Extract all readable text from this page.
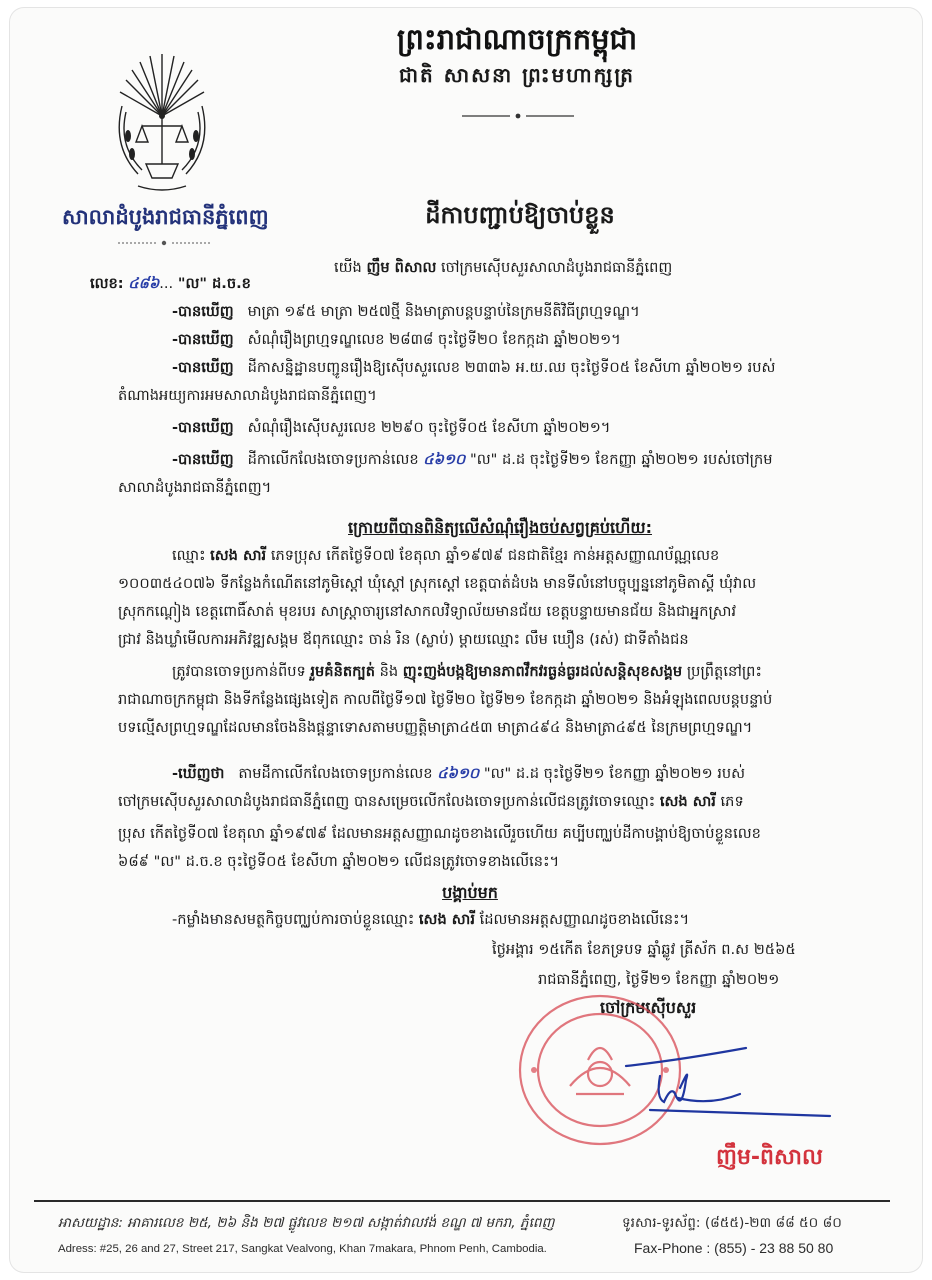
សាលាដំបូងរាជធានីភ្នំពេញ
ព្រះរាជាណាចក្រកម្ពុជា
ជាតិ សាសនា ព្រះមហាក្សត្រ
ដីកាបញ្ជាប់ឱ្យចាប់ខ្លួន
យើង ញឹម ពិសាល ចៅក្រមស៊ើបសួរសាលាដំបូងរាជធានីភ្នំពេញ
លេខ: ៤៨៦... "ល" ដ.ច.ខ
-បានឃើញ មាត្រា ១៩៥ មាត្រា ២៥៧ថ្មី និងមាត្រាបន្តបន្ទាប់នៃក្រមនីតិវិធីព្រហ្មទណ្ឌ។
-បានឃើញ សំណុំរឿងព្រហ្មទណ្ឌលេខ ២៨៣៨ ចុះថ្ងៃទី២០ ខែកក្កដា ឆ្នាំ២០២១។
-បានឃើញ ដីកាសន្និដ្ឋានបញ្ជូនរឿងឱ្យស៊ើបសួរលេខ ២៣៣៦ អ.យ.ឈ ចុះថ្ងៃទី០៥ ខែសីហា ឆ្នាំ២០២១ របស់
តំណាងអយ្យការអមសាលាដំបូងរាជធានីភ្នំពេញ។
-បានឃើញ សំណុំរឿងស៊ើបសួរលេខ ២២៩០ ចុះថ្ងៃទី០៥ ខែសីហា ឆ្នាំ២០២១។
-បានឃើញ ដីកាលើកលែងចោទប្រកាន់លេខ ៤៦១០ "ល" ដ.ដ ចុះថ្ងៃទី២១ ខែកញ្ញា ឆ្នាំ២០២១ របស់ចៅក្រម
សាលាដំបូងរាជធានីភ្នំពេញ។
ក្រោយពីបានពិនិត្យលើសំណុំរឿងចប់សព្វគ្រប់ហើយ:
ឈ្មោះ សេង សារី ភេទប្រុស កើតថ្ងៃទី០៧ ខែតុលា ឆ្នាំ១៩៧៩ ជនជាតិខ្មែរ កាន់អត្តសញ្ញាណប័ណ្ណលេខ
១០០៣៥៤០៧៦ ទីកន្លែងកំណើតនៅភូមិស្ដៅ ឃុំស្ដៅ ស្រុកស្ដៅ ខេត្តបាត់ដំបង មានទីលំនៅបច្ចុប្បន្ននៅភូមិតាស្គី ឃុំវាល
ស្រុកកណ្ដៀង ខេត្តពោធិ៍សាត់ មុខរបរ សាស្ត្រាចារ្យនៅសាកលវិទ្យាល័យមានជ័យ ខេត្តបន្ទាយមានជ័យ និងជាអ្នកស្រាវ
ជ្រាវ និងឃ្លាំមើលការអភិវឌ្ឍសង្គម ឪពុកឈ្មោះ ចាន់ រិន (ស្លាប់) ម្ដាយឈ្មោះ លឹម ឃឿន (រស់) ជាទីតាំងជន
ត្រូវបានចោទប្រកាន់ពីបទ រួមគំនិតក្បត់ និង ញុះញង់បង្កឱ្យមានភាពវឹកវរធ្ងន់ធ្ងរដល់សន្តិសុខសង្គម ប្រព្រឹត្តនៅព្រះ
រាជាណាចក្រកម្ពុជា និងទីកន្លែងផ្សេងទៀត កាលពីថ្ងៃទី១៧ ថ្ងៃទី២០ ថ្ងៃទី២១ ខែកក្កដា ឆ្នាំ២០២១ និងអំឡុងពេលបន្តបន្ទាប់
បទល្មើសព្រហ្មទណ្ឌដែលមានចែងនិងផ្ដន្ទាទោសតាមបញ្ញត្តិមាត្រា៤៥៣ មាត្រា៤៩៤ និងមាត្រា៤៩៥ នៃក្រមព្រហ្មទណ្ឌ។
-ឃើញថា តាមដីកាលើកលែងចោទប្រកាន់លេខ ៤៦១០ "ល" ដ.ដ ចុះថ្ងៃទី២១ ខែកញ្ញា ឆ្នាំ២០២១ របស់
ចៅក្រមស៊ើបសួរសាលាដំបូងរាជធានីភ្នំពេញ បានសម្រេចលើកលែងចោទប្រកាន់លើជនត្រូវចោទឈ្មោះ សេង សារី ភេទ
ប្រុស កើតថ្ងៃទី០៧ ខែតុលា ឆ្នាំ១៩៧៩ ដែលមានអត្តសញ្ញាណដូចខាងលើរួចហើយ គប្បីបញ្ឈប់ដីកាបង្គាប់ឱ្យចាប់ខ្លួនលេខ
៦៨៩ "ល" ដ.ច.ខ ចុះថ្ងៃទី០៥ ខែសីហា ឆ្នាំ២០២១ លើជនត្រូវចោទខាងលើនេះ។
បង្គាប់មក
-កម្លាំងមានសមត្ថកិច្ចបញ្ឈប់ការចាប់ខ្លួនឈ្មោះ សេង សារី ដែលមានអត្តសញ្ញាណដូចខាងលើនេះ។
ថ្ងៃអង្គារ ១៥កើត ខែភទ្របទ ឆ្នាំឆ្លូវ ត្រីស័ក ព.ស ២៥៦៥
រាជធានីភ្នំពេញ, ថ្ងៃទី២១ ខែកញ្ញា ឆ្នាំ២០២១
ចៅក្រមស៊ើបសួរ
ញឹម-ពិសាល
អាសយដ្ឋាន: អាគារលេខ ២៥, ២៦ និង ២៧ ផ្លូវលេខ ២១៧ សង្កាត់វាលវង់ ខណ្ឌ ៧ មករា, ភ្នំពេញ	ទូរសារ-ទូរស័ព្ទ: (៨៥៥)-២៣ ៨៨ ៥០ ៨០
Adress: #25, 26 and 27, Street 217, Sangkat Vealvong, Khan 7makara, Phnom Penh, Cambodia.	Fax-Phone : (855) - 23 88 50 80
